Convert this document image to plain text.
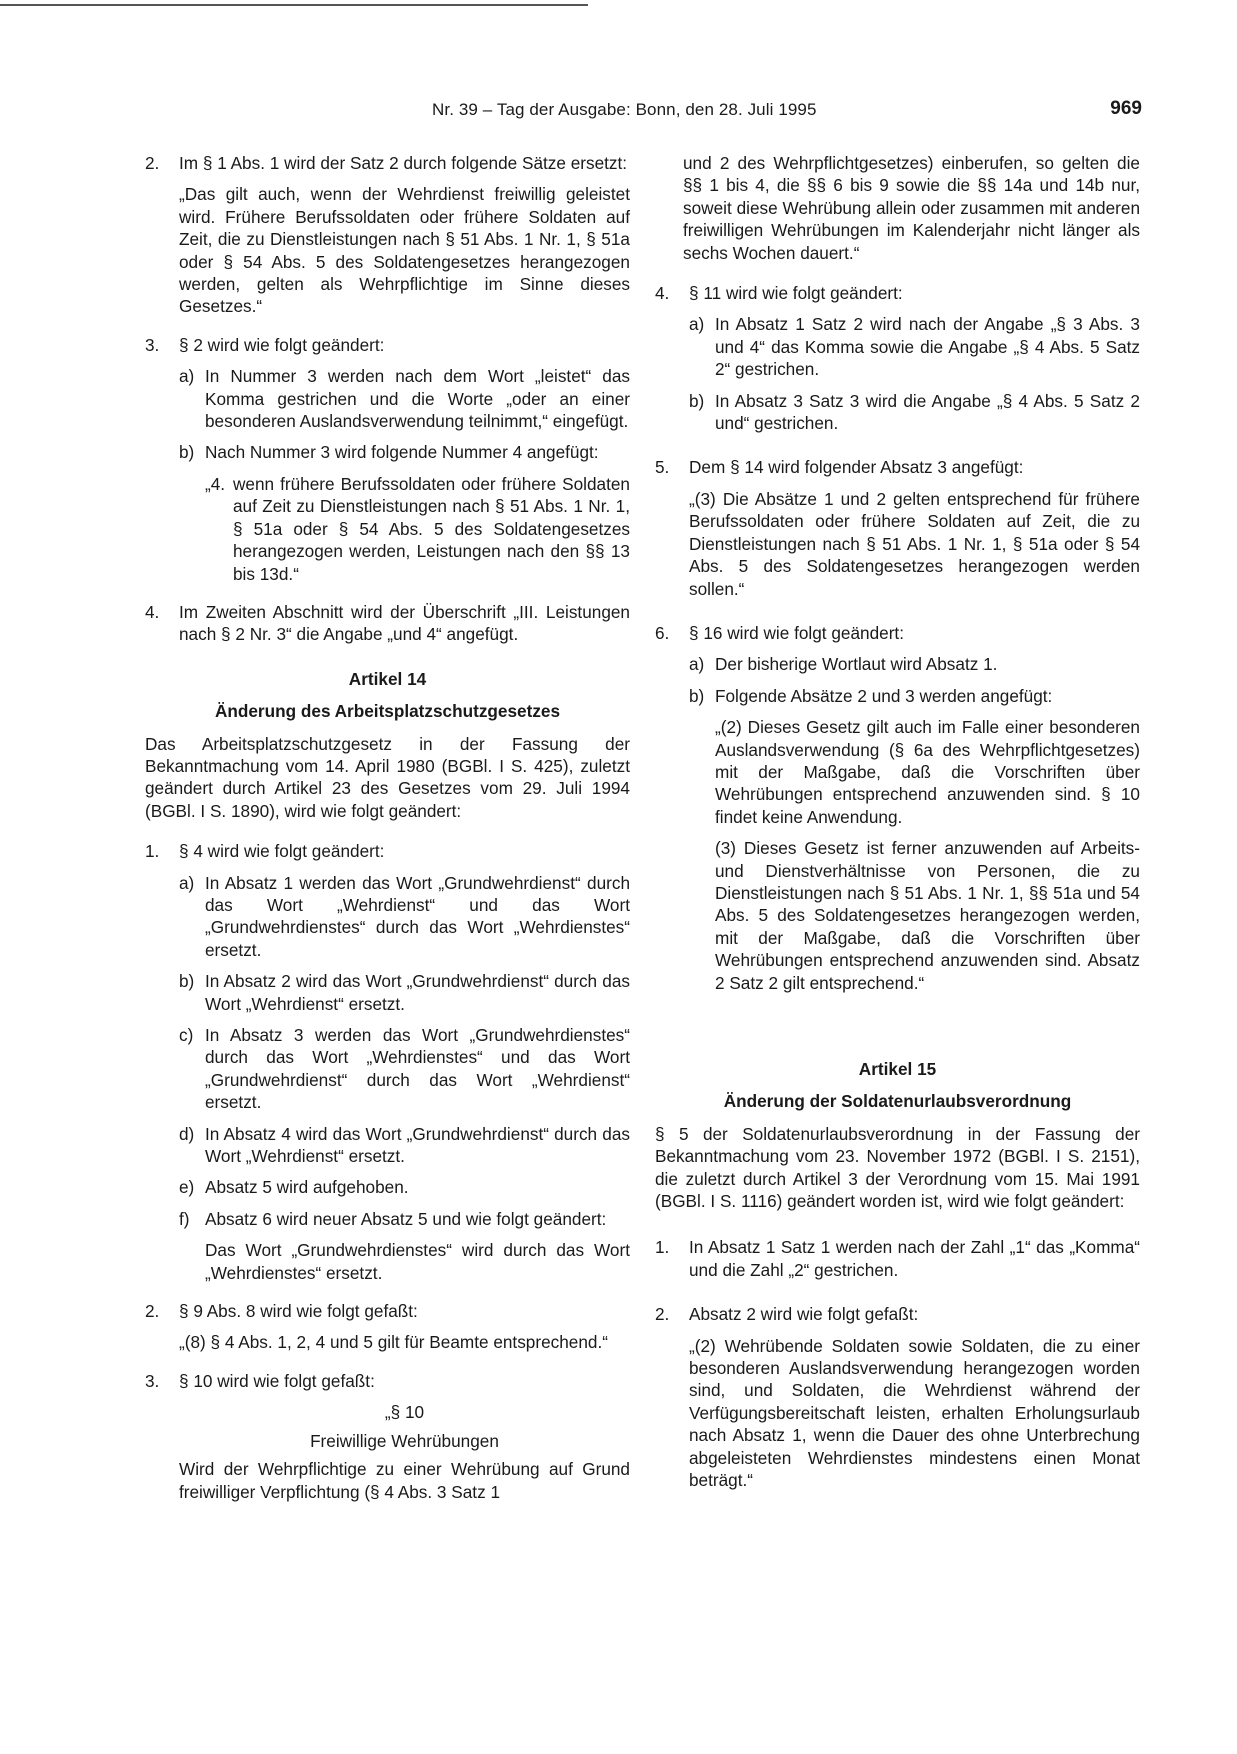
Nr. 39 – Tag der Ausgabe: Bonn, den 28. Juli 1995	969
2. Im § 1 Abs. 1 wird der Satz 2 durch folgende Sätze ersetzt:

„Das gilt auch, wenn der Wehrdienst freiwillig geleistet wird. Frühere Berufssoldaten oder frühere Soldaten auf Zeit, die zu Dienstleistungen nach § 51 Abs. 1 Nr. 1, § 51a oder § 54 Abs. 5 des Soldatengesetzes herangezogen werden, gelten als Wehrpflichtige im Sinne dieses Gesetzes.“

3. § 2 wird wie folgt geändert:

a) In Nummer 3 werden nach dem Wort „leistet“ das Komma gestrichen und die Worte „oder an einer besonderen Auslandsverwendung teilnimmt,“ eingefügt.

b) Nach Nummer 3 wird folgende Nummer 4 angefügt:

„4. wenn frühere Berufssoldaten oder frühere Soldaten auf Zeit zu Dienstleistungen nach § 51 Abs. 1 Nr. 1, § 51a oder § 54 Abs. 5 des Soldatengesetzes herangezogen werden, Leistungen nach den §§ 13 bis 13d.“
4. Im Zweiten Abschnitt wird der Überschrift „III. Leistungen nach § 2 Nr. 3“ die Angabe „und 4“ angefügt.

Artikel 14
Änderung des Arbeitsplatzschutzgesetzes

Das Arbeitsplatzschutzgesetz in der Fassung der Bekanntmachung vom 14. April 1980 (BGBl. I S. 425), zuletzt geändert durch Artikel 23 des Gesetzes vom 29. Juli 1994 (BGBl. I S. 1890), wird wie folgt geändert:

1. § 4 wird wie folgt geändert:

a) In Absatz 1 werden das Wort „Grundwehrdienst“ durch das Wort „Wehrdienst“ und das Wort „Grundwehrdienstes“ durch das Wort „Wehrdienstes“ ersetzt.

b) In Absatz 2 wird das Wort „Grundwehrdienst“ durch das Wort „Wehrdienst“ ersetzt.

c) In Absatz 3 werden das Wort „Grundwehrdienstes“ durch das Wort „Wehrdienstes“ und das Wort „Grundwehrdienst“ durch das Wort „Wehrdienst“ ersetzt.

d) In Absatz 4 wird das Wort „Grundwehrdienst“ durch das Wort „Wehrdienst“ ersetzt.

e) Absatz 5 wird aufgehoben.

f) Absatz 6 wird neuer Absatz 5 und wie folgt geändert:

Das Wort „Grundwehrdienstes“ wird durch das Wort „Wehrdienstes“ ersetzt.

2. § 9 Abs. 8 wird wie folgt gefaßt:

„(8) § 4 Abs. 1, 2, 4 und 5 gilt für Beamte entsprechend.“

3. § 10 wird wie folgt gefaßt:

„§ 10

Freiwillige Wehrübungen

Wird der Wehrpflichtige zu einer Wehrübung auf Grund freiwilliger Verpflichtung (§ 4 Abs. 3 Satz 1

und 2 des Wehrpflichtgesetzes) einberufen, so gelten die §§ 1 bis 4, die §§ 6 bis 9 sowie die §§ 14a und 14b nur, soweit diese Wehrübung allein oder zusammen mit anderen freiwilligen Wehrübungen im Kalenderjahr nicht länger als sechs Wochen dauert.“

4. § 11 wird wie folgt geändert:

a) In Absatz 1 Satz 2 wird nach der Angabe „§ 3 Abs. 3 und 4“ das Komma sowie die Angabe „§ 4 Abs. 5 Satz 2“ gestrichen.

b) In Absatz 3 Satz 3 wird die Angabe „§ 4 Abs. 5 Satz 2 und“ gestrichen.

5. Dem § 14 wird folgender Absatz 3 angefügt:

„(3) Die Absätze 1 und 2 gelten entsprechend für frühere Berufssoldaten oder frühere Soldaten auf Zeit, die zu Dienstleistungen nach § 51 Abs. 1 Nr. 1, § 51a oder § 54 Abs. 5 des Soldatengesetzes herangezogen werden sollen.“

6. § 16 wird wie folgt geändert:

a) Der bisherige Wortlaut wird Absatz 1.

b) Folgende Absätze 2 und 3 werden angefügt:

„(2) Dieses Gesetz gilt auch im Falle einer besonderen Auslandsverwendung (§ 6a des Wehrpflichtgesetzes) mit der Maßgabe, daß die Vorschriften über Wehrübungen entsprechend anzuwenden sind. § 10 findet keine Anwendung.

(3) Dieses Gesetz ist ferner anzuwenden auf Arbeits- und Dienstverhältnisse von Personen, die zu Dienstleistungen nach § 51 Abs. 1 Nr. 1, §§ 51a und 54 Abs. 5 des Soldatengesetzes herangezogen werden, mit der Maßgabe, daß die Vorschriften über Wehrübungen entsprechend anzuwenden sind. Absatz 2 Satz 2 gilt entsprechend.“

Artikel 15
Änderung der Soldatenurlaubsverordnung

§ 5 der Soldatenurlaubsverordnung in der Fassung der Bekanntmachung vom 23. November 1972 (BGBl. I S. 2151), die zuletzt durch Artikel 3 der Verordnung vom 15. Mai 1991 (BGBl. I S. 1116) geändert worden ist, wird wie folgt geändert:

1. In Absatz 1 Satz 1 werden nach der Zahl „1“ das „Komma“ und die Zahl „2“ gestrichen.

2. Absatz 2 wird wie folgt gefaßt:

„(2) Wehrübende Soldaten sowie Soldaten, die zu einer besonderen Auslandsverwendung herangezogen worden sind, und Soldaten, die Wehrdienst während der Verfügungsbereitschaft leisten, erhalten Erholungsurlaub nach Absatz 1, wenn die Dauer des ohne Unterbrechung abgeleisteten Wehrdienstes mindestens einen Monat beträgt.“
